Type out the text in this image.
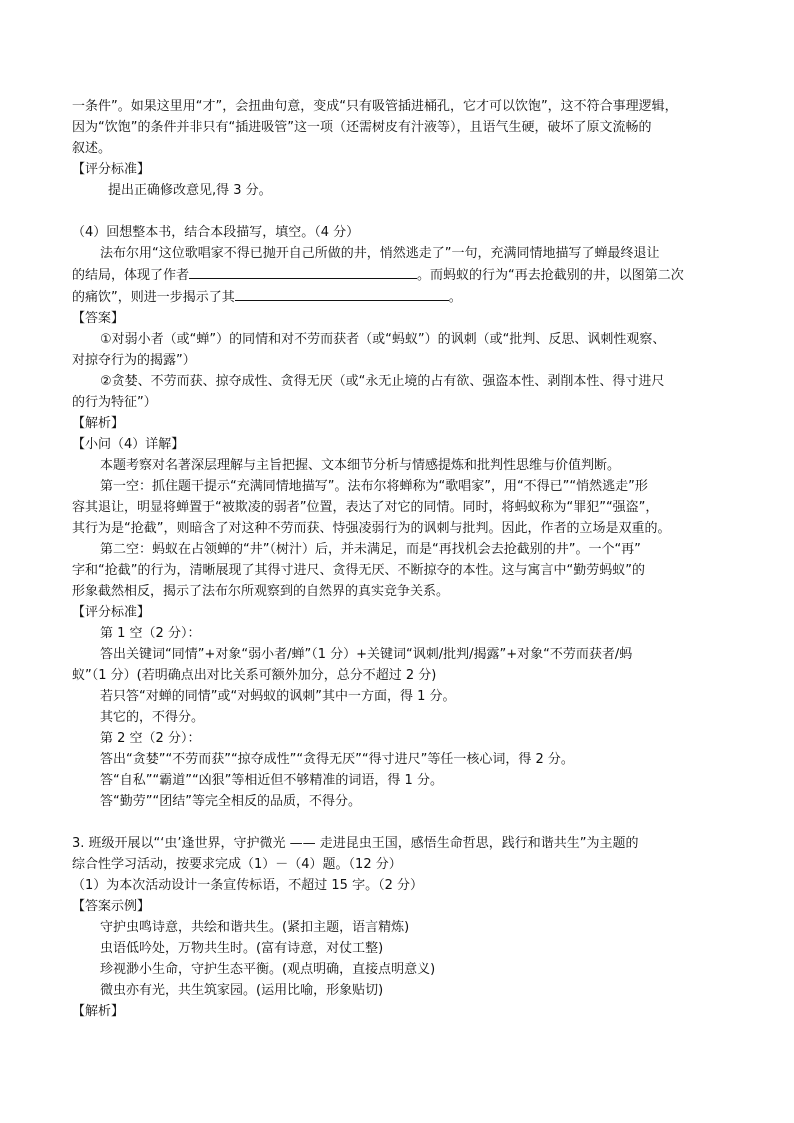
一条件”。如果这里用“才”，会扭曲句意，变成“只有吸管插进桶孔，它才可以饮饱”，这不符合事理逻辑，
因为“饮饱”的条件并非只有“插进吸管”这一项（还需树皮有汁液等），且语气生硬，破坏了原文流畅的
叙述。
【评分标准】
提出正确修改意见,得 3 分。
（4）回想整本书，结合本段描写，填空。（4 分）
法布尔用“这位歌唱家不得已抛开自己所做的井，悄然逃走了”一句，充满同情地描写了蝉最终退让
的结局，体现了作者	。而蚂蚁的行为“再去抢截别的井，以图第二次
的痛饮”，则进一步揭示了其	。
【答案】
①对弱小者（或“蝉”）的同情和对不劳而获者（或“蚂蚁”）的讽刺（或“批判、反思、讽刺性观察、
对掠夺行为的揭露”）
②贪婪、不劳而获、掠夺成性、贪得无厌（或“永无止境的占有欲、强盗本性、剥削本性、得寸进尺
的行为特征”）
【解析】
【小问（4）详解】
本题考察对名著深层理解与主旨把握、文本细节分析与情感提炼和批判性思维与价值判断。
第一空：抓住题干提示“充满同情地描写”。法布尔将蝉称为“歌唱家”，用“不得已”“悄然逃走”形
容其退让，明显将蝉置于“被欺凌的弱者”位置，表达了对它的同情。同时，将蚂蚁称为“罪犯”“强盗”，
其行为是“抢截”，则暗含了对这种不劳而获、恃强凌弱行为的讽刺与批判。因此，作者的立场是双重的。
第二空：蚂蚁在占领蝉的“井”（树汁）后，并未满足，而是“再找机会去抢截别的井”。一个“再”
字和“抢截”的行为，清晰展现了其得寸进尺、贪得无厌、不断掠夺的本性。这与寓言中“勤劳蚂蚁”的
形象截然相反，揭示了法布尔所观察到的自然界的真实竞争关系。
【评分标准】
第 1 空（2 分）：
答出关键词“同情”+对象“弱小者/蝉”（1 分）+关键词“讽刺/批判/揭露”+对象“不劳而获者/蚂
蚁”（1 分）(若明确点出对比关系可额外加分，总分不超过 2 分)
若只答“对蝉的同情”或“对蚂蚁的讽刺”其中一方面，得 1 分。
其它的，不得分。
第 2 空（2 分）：
答出“贪婪”“不劳而获”“掠夺成性”“贪得无厌”“得寸进尺”等任一核心词，得 2 分。
答“自私”“霸道”“凶狠”等相近但不够精准的词语，得 1 分。
答“勤劳”“团结”等完全相反的品质，不得分。
3. 班级开展以“‘虫’逢世界，守护微光 —— 走进昆虫王国，感悟生命哲思，践行和谐共生”为主题的
综合性学习活动，按要求完成（1）－（4）题。（12 分）
（1）为本次活动设计一条宣传标语，不超过 15 字。（2 分）
【答案示例】
守护虫鸣诗意，共绘和谐共生。(紧扣主题，语言精炼)
虫语低吟处，万物共生时。(富有诗意，对仗工整)
珍视渺小生命，守护生态平衡。(观点明确，直接点明意义)
微虫亦有光，共生筑家园。(运用比喻，形象贴切)
【解析】
